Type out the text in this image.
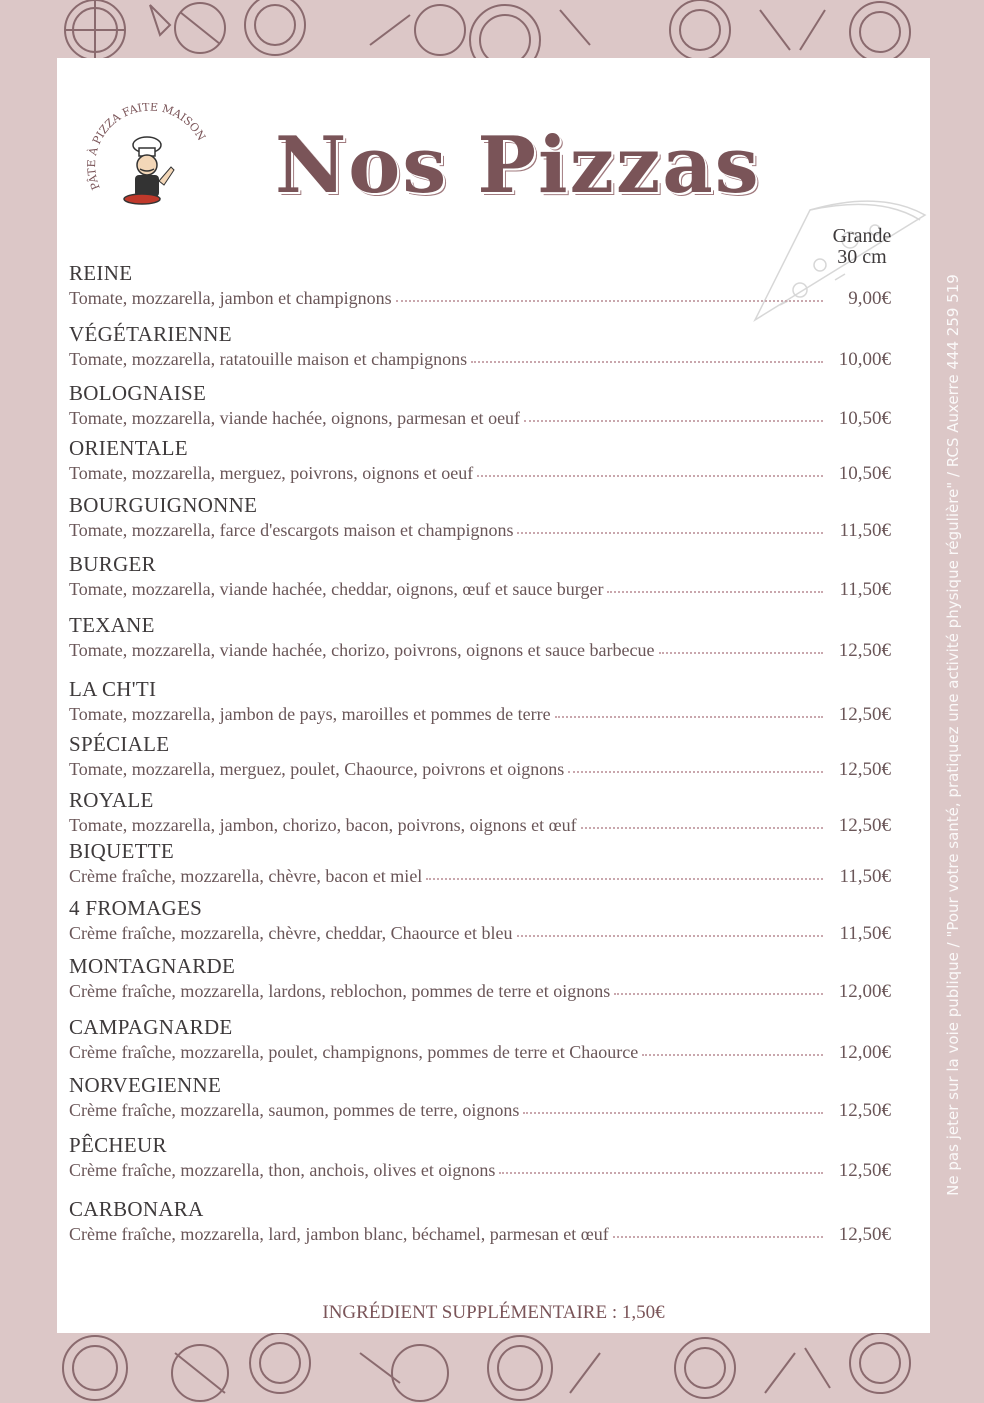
Ne pas jeter sur la voie publique / "Pour votre santé, pratiquez une activité physique régulière" / RCS Auxerre 444 259 519
PÂTE À PIZZA FAITE MAISON Nos Pizzas
Grande
30 cm
REINE
Tomate, mozzarella, jambon et champignons	9,00€
VÉGÉTARIENNE
Tomate, mozzarella, ratatouille maison et champignons	10,00€
BOLOGNAISE
Tomate, mozzarella, viande hachée, oignons, parmesan et oeuf	10,50€
ORIENTALE
Tomate, mozzarella, merguez, poivrons, oignons et oeuf	10,50€
BOURGUIGNONNE
Tomate, mozzarella, farce d'escargots maison et champignons	11,50€
BURGER
Tomate, mozzarella, viande hachée, cheddar, oignons, œuf et sauce burger	11,50€
TEXANE
Tomate, mozzarella, viande hachée, chorizo, poivrons, oignons et sauce barbecue	12,50€
LA CH'TI
Tomate, mozzarella, jambon de pays, maroilles et pommes de terre	12,50€
SPÉCIALE
Tomate, mozzarella, merguez, poulet, Chaource, poivrons et oignons	12,50€
ROYALE
Tomate, mozzarella, jambon, chorizo, bacon, poivrons, oignons et œuf	12,50€
BIQUETTE
Crème fraîche, mozzarella, chèvre, bacon et miel	11,50€
4 FROMAGES
Crème fraîche, mozzarella, chèvre, cheddar, Chaource et bleu	11,50€
MONTAGNARDE
Crème fraîche, mozzarella, lardons, reblochon, pommes de terre et oignons	12,00€
CAMPAGNARDE
Crème fraîche, mozzarella, poulet, champignons, pommes de terre et Chaource	12,00€
NORVEGIENNE
Crème fraîche, mozzarella, saumon, pommes de terre, oignons	12,50€
PÊCHEUR
Crème fraîche, mozzarella, thon, anchois, olives et oignons	12,50€
CARBONARA
Crème fraîche, mozzarella, lard, jambon blanc, béchamel, parmesan et œuf	12,50€
INGRÉDIENT SUPPLÉMENTAIRE : 1,50€
